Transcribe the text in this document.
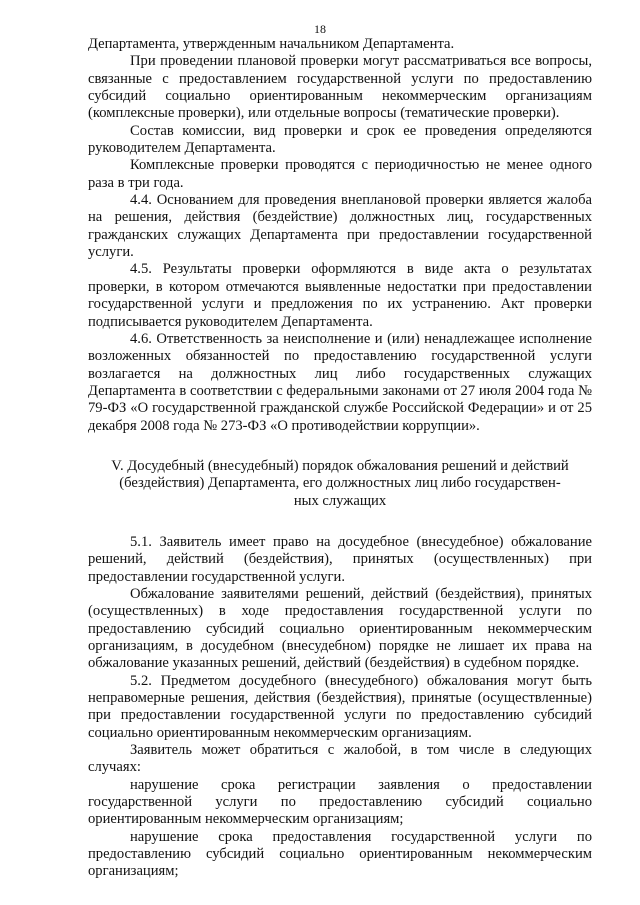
18

Департамента, утвержденным начальником Департамента.

При проведении плановой проверки могут рассматриваться все вопросы, связанные с предоставлением государственной услуги по предоставлению субсидий социально ориентированным некоммерческим организациям (комплексные проверки), или отдельные вопросы (тематические проверки).

Состав комиссии, вид проверки и срок ее проведения определяются руководителем Департамента.

Комплексные проверки проводятся с периодичностью не менее одного раза в три года.

4.4. Основанием для проведения внеплановой проверки является жалоба на решения, действия (бездействие) должностных лиц, государственных гражданских служащих Департамента при предоставлении государственной услуги.

4.5. Результаты проверки оформляются в виде акта о результатах проверки, в котором отмечаются выявленные недостатки при предоставлении государственной услуги и предложения по их устранению. Акт проверки подписывается руководителем Департамента.

4.6. Ответственность за неисполнение и (или) ненадлежащее исполнение возложенных обязанностей по предоставлению государственной услуги возлагается на должностных лиц либо государственных служащих Департамента в соответствии с федеральными законами от 27 июля 2004 года № 79-ФЗ «О государственной гражданской службе Российской Федерации» и от 25 декабря 2008 года № 273-ФЗ «О противодействии коррупции».

V. Досудебный (внесудебный) порядок обжалования решений и действий
(бездействия) Департамента, его должностных лиц либо государствен-
ных служащих

5.1. Заявитель имеет право на досудебное (внесудебное) обжалование решений, действий (бездействия), принятых (осуществленных) при предоставлении государственной услуги.

Обжалование заявителями решений, действий (бездействия), принятых (осуществленных) в ходе предоставления государственной услуги по предоставлению субсидий социально ориентированным некоммерческим организациям, в досудебном (внесудебном) порядке не лишает их права на обжалование указанных решений, действий (бездействия) в судебном порядке.

5.2. Предметом досудебного (внесудебного) обжалования могут быть неправомерные решения, действия (бездействия), принятые (осуществленные) при предоставлении государственной услуги по предоставлению субсидий социально ориентированным некоммерческим организациям.

Заявитель может обратиться с жалобой, в том числе в следующих случаях:

нарушение срока регистрации заявления о предоставлении государственной услуги по предоставлению субсидий социально ориентированным некоммерческим организациям;

нарушение срока предоставления государственной услуги по предоставлению субсидий социально ориентированным некоммерческим организациям;
